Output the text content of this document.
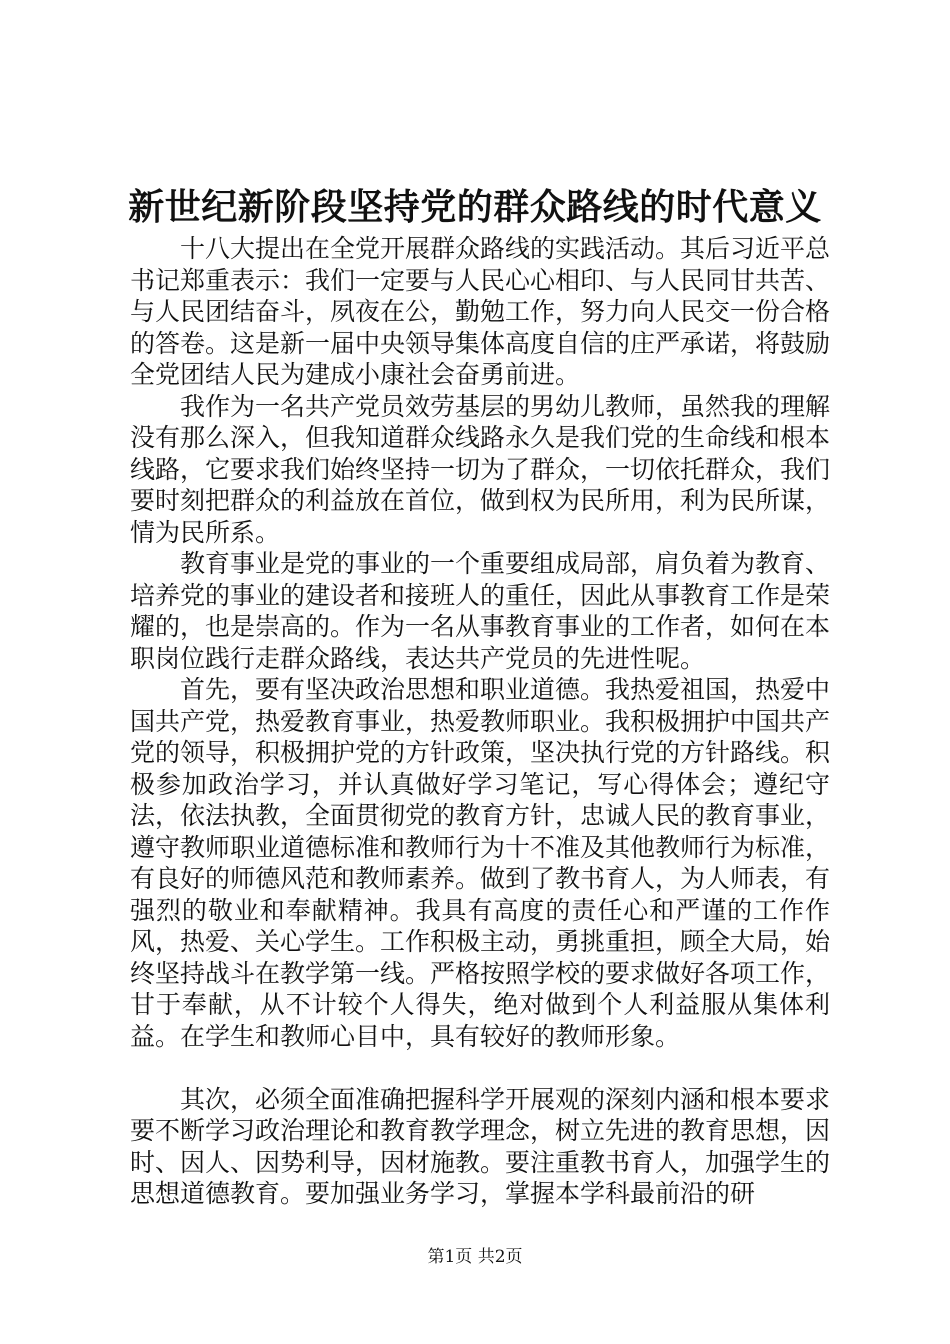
新世纪新阶段坚持党的群众路线的时代意义

十八大提出在全党开展群众路线的实践活动。其后习近平总书记郑重表示：我们一定要与人民心心相印、与人民同甘共苦、与人民团结奋斗，夙夜在公，勤勉工作，努力向人民交一份合格的答卷。这是新一届中央领导集体高度自信的庄严承诺，将鼓励全党团结人民为建成小康社会奋勇前进。

我作为一名共产党员效劳基层的男幼儿教师，虽然我的理解没有那么深入，但我知道群众线路永久是我们党的生命线和根本线路，它要求我们始终坚持一切为了群众，一切依托群众，我们要时刻把群众的利益放在首位，做到权为民所用，利为民所谋，情为民所系。

教育事业是党的事业的一个重要组成局部，肩负着为教育、培养党的事业的建设者和接班人的重任，因此从事教育工作是荣耀的，也是崇高的。作为一名从事教育事业的工作者，如何在本职岗位践行走群众路线，表达共产党员的先进性呢。

首先，要有坚决政治思想和职业道德。我热爱祖国，热爱中国共产党，热爱教育事业，热爱教师职业。我积极拥护中国共产党的领导，积极拥护党的方针政策，坚决执行党的方针路线。积极参加政治学习，并认真做好学习笔记，写心得体会；遵纪守法，依法执教，全面贯彻党的教育方针，忠诚人民的教育事业，遵守教师职业道德标准和教师行为十不准及其他教师行为标准，有良好的师德风范和教师素养。做到了教书育人，为人师表，有强烈的敬业和奉献精神。我具有高度的责任心和严谨的工作作风，热爱、关心学生。工作积极主动，勇挑重担，顾全大局，始终坚持战斗在教学第一线。严格按照学校的要求做好各项工作，甘于奉献，从不计较个人得失，绝对做到个人利益服从集体利益。在学生和教师心目中，具有较好的教师形象。

其次，必须全面准确把握科学开展观的深刻内涵和根本要求要不断学习政治理论和教育教学理念，树立先进的教育思想，因时、因人、因势利导，因材施教。要注重教书育人，加强学生的思想道德教育。要加强业务学习，掌握本学科最前沿的研

第1页 共2页
